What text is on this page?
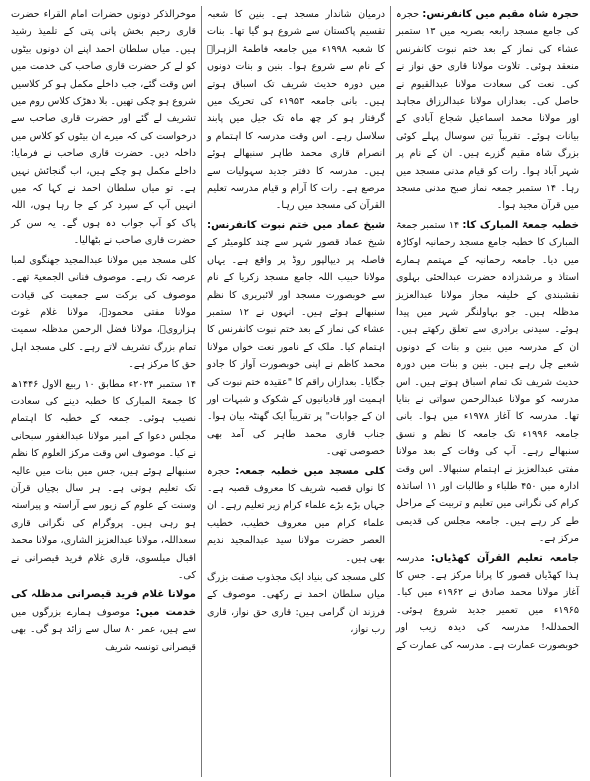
حجرہ شاہ مقیم میں کانفرنس: حجرہ کی جامع مسجد رابعہ بصریہ میں ۱۳ ستمبر عشاء کی نماز کے بعد ختم نبوت کانفرنس منعقد ہوئی۔ تلاوت مولانا قاری حق نواز نے کی۔ نعت کی سعادت مولانا عبدالقیوم نے حاصل کی۔ بعدازاں مولانا عبدالرزاق مجاہد اور مولانا محمد اسماعیل شجاع آبادی کے بیانات ہوئے۔ تقریباً تین سوسال پہلے کوئی بزرگ شاہ مقیم گزرے ہیں۔ ان کے نام پر شہر آباد ہوا۔ رات کو قیام مدنی مسجد میں رہا۔ ۱۴ ستمبر جمعہ نماز صبح مدنی مسجد میں قرآن مجید ہوا۔

خطبہ جمعۃ المبارک کا: ۱۴ ستمبر جمعۃ المبارک کا خطبہ جامع مسجد رحمانیہ اوکاڑہ میں دیا۔ جامعہ رحمانیہ کے مہتمم ہمارے استاذ و مرشدزادہ حضرت عبدالحئی بہلوی نقشبندی کے خلیفہ مجاز مولانا عبدالعزیز مدظلہ ہیں۔ جو بہاولنگر شہر میں پیدا ہوئے۔ سیدنی برادری سے تعلق رکھتے ہیں۔ ان کے مدرسہ میں بنین و بنات کے دونوں شعبے چل رہے ہیں۔ بنین و بنات میں دورہ حدیث شریف تک تمام اسباق ہوتے ہیں۔ اس مدرسہ کو مولانا عبدالرحمن سواتی نے بنایا تھا۔ مدرسہ کا آغاز ۱۹۷۸ء میں ہوا۔ بانی جامعہ ۱۹۹۶ء تک جامعہ کا نظم و نسق سنبھالے رہے۔ آپ کی وفات کے بعد مولانا مفتی عبدالعزیز نے اہتمام سنبھالا۔ اس وقت ادارہ میں ۴۵۰ طلباء و طالبات اور ۱۱ اساتذہ کرام کی نگرانی میں تعلیم و تربیت کے مراحل طے کر رہے ہیں۔ جامعہ مجلس کی قدیمی مرکز ہے۔

جامعہ تعلیم القرآن کھڈیاں: مدرسہ ہذا کھڈیاں قصور کا پرانا مرکز ہے۔ جس کا آغاز مولانا محمد صادق نے ۱۹۶۲ء میں کیا۔ ۱۹۶۵ء میں تعمیر جدید شروع ہوئی۔ الحمدللہ! مدرسہ کی دیدہ زیب اور خوبصورت عمارت ہے۔ مدرسہ کی عمارت کے

درمیان شاندار مسجد ہے۔ بنین کا شعبہ تقسیم پاکستان سے شروع ہو گیا تھا۔ بنات کا شعبہ ۱۹۹۸ء میں جامعہ فاطمۃ الزہراؓ کے نام سے شروع ہوا۔ بنین و بنات دونوں میں دورہ حدیث شریف تک اسباق ہوتے ہیں۔ بانی جامعہ ۱۹۵۳ء کی تحریک میں گرفتار ہو کر چھ ماہ تک جیل میں پابند سلاسل رہے۔ اس وقت مدرسہ کا اہتمام و انصرام قاری محمد طاہر سنبھالے ہوئے ہیں۔ مدرسہ کا دفتر جدید سہولیات سے مرصع ہے۔ رات کا آرام و قیام مدرسہ تعلیم القرآن کی مسجد میں رہا۔

شیخ عماد میں ختم نبوت کانفرنس: شیخ عماد قصور شہر سے چند کلومیٹر کے فاصلہ پر دیپالپور روڈ پر واقع ہے۔ یہاں مولانا حبیب اللہ جامع مسجد زکریا کے نام سے خوبصورت مسجد اور لائبریری کا نظم سنبھالے ہوئے ہیں۔ انہوں نے ۱۲ ستمبر عشاء کی نماز کے بعد ختم نبوت کانفرنس کا اہتمام کیا۔ ملک کے نامور نعت خواں مولانا محمد کاظم نے اپنی خوبصورت آواز کا جادو جگایا۔ بعدازاں راقم کا "عقیدہ ختم نبوت کی اہمیت اور قادیانیوں کے شکوک و شبہات اور ان کے جوابات" پر تقریباً ایک گھنٹہ بیان ہوا۔ جناب قاری محمد طاہر کی آمد بھی خصوصی تھی۔

کلی مسجد میں خطبہ جمعہ: حجرہ کا نواں قصبہ شریف کا معروف قصبہ ہے۔ جہاں بڑے بڑے علماء کرام زیر تعلیم رہے۔ ان علماء کرام میں معروف خطیب، خطیب العصر حضرت مولانا سید عبدالمجید ندیم بھی ہیں۔

کلی مسجد کی بنیاد ایک مجذوب صفت بزرگ میاں سلطان احمد نے رکھی۔ موصوف کے فرزند ان گرامی ہیں: قاری حق نواز، قاری رب نواز،

موخرالذکر دونوں حضرات امام القراء حضرت قاری رحیم بخش پانی پتی کے تلمیذ رشید ہیں۔ میاں سلطان احمد اپنے ان دونوں بیٹوں کو لے کر حضرت قاری صاحب کی خدمت میں اس وقت گئے، جب داخلے مکمل ہو کر کلاسیں شروع ہو چکی تھیں۔ بلا دھڑک کلاس روم میں تشریف لے گئے اور حضرت قاری صاحب سے درخواست کی کہ میرے ان بیٹوں کو کلاس میں داخلہ دیں۔ حضرت قاری صاحب نے فرمایا: داخلے مکمل ہو چکے ہیں، اب گنجائش نہیں ہے۔ تو میاں سلطان احمد نے کہا کہ میں انہیں آپ کے سپرد کر کے جا رہا ہوں، اللہ پاک کو آپ جواب دہ ہوں گے۔ یہ سن کر حضرت قاری صاحب نے بٹھالیا۔

کلی مسجد میں مولانا عبدالمجید جھنگوی لمبا عرصہ تک رہے۔ موصوف فنانی الجمعیۃ تھے۔ موصوف کی برکت سے جمعیت کی قیادت مولانا مفتی محمودؒ، مولانا غلام غوث ہزارویؒ، مولانا فضل الرحمن مدظلہ سمیت تمام بزرگ تشریف لاتے رہے۔ کلی مسجد اہل حق کا مرکز ہے۔

۱۴ ستمبر ۲۰۲۴ء مطابق ۱۰ ربیع الاول ۱۴۴۶ھ کا جمعۃ المبارک کا خطبہ دینے کی سعادت نصیب ہوئی۔ جمعہ کے خطبہ کا اہتمام مجلس دعوا کے امیر مولانا عبدالغفور سبحانی نے کیا۔ موصوف اس وقت مرکز العلوم کا نظم سنبھالے ہوئے ہیں، جس میں بنات میں عالیہ تک تعلیم ہوتی ہے۔ ہر سال بچیاں قرآن وسنت کے علوم کے زیور سے آراستہ و پیراستہ ہو رہی ہیں۔ پروگرام کی نگرانی قاری سعداللہ، مولانا عبدالعزیز الشاری، مولانا محمد اقبال میلسوی، قاری غلام فرید قیصرانی نے کی۔

مولانا غلام فرید قیصرانی مدظلہ کی خدمت میں: موصوف ہمارے بزرگوں میں سے ہیں، عمر ۸۰ سال سے زائد ہو گی۔ بھی قیصرانی تونسہ شریف
